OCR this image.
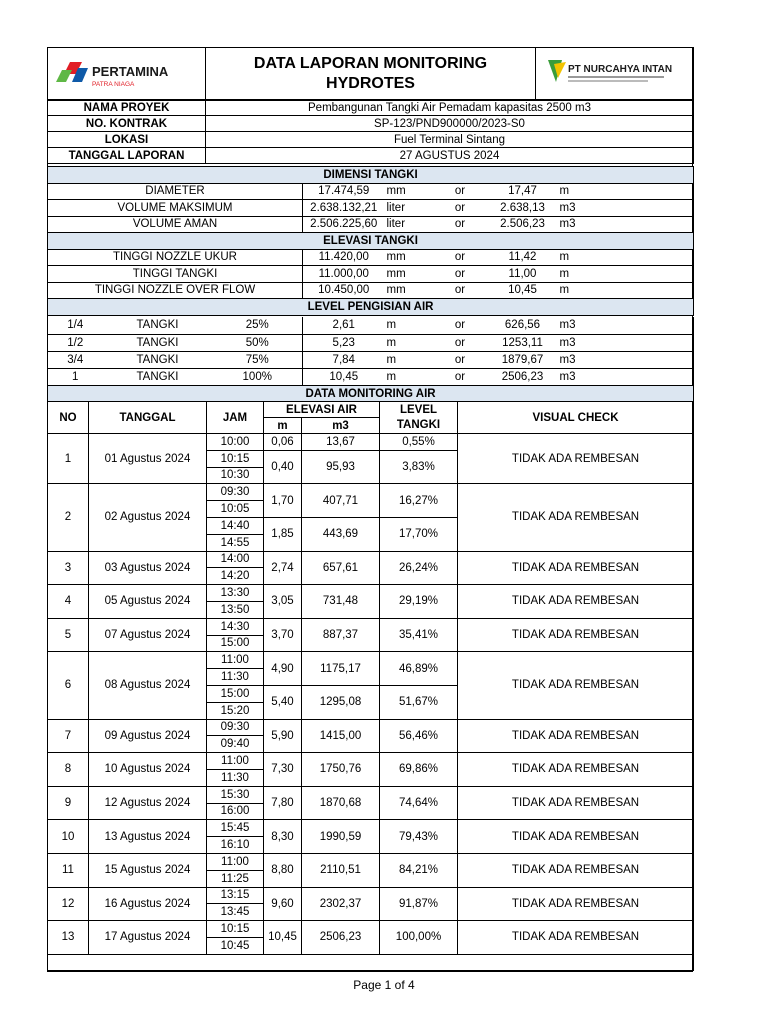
PERTAMINA
PATRA NIAGA

DATA LAPORAN MONITORING
HYDROTES

PT NURCAHYA INTAN
NAMA PROYEK	Pembangunan Tangki Air Pemadam kapasitas 2500 m3
NO. KONTRAK	SP-123/PND900000/2023-S0
LOKASI	Fuel Terminal Sintang
TANGGAL LAPORAN	27 AGUSTUS 2024
DIMENSI TANGKI					
DIAMETER	17.474,59	mm	or	17,47	m
VOLUME MAKSIMUM	2.638.132,21	liter	or	2.638,13	m3
VOLUME AMAN	2.506.225,60	liter	or	2.506,23	m3
ELEVASI TANGKI					
TINGGI NOZZLE UKUR	11.420,00	mm	or	11,42	m
TINGGI TANGKI	11.000,00	mm	or	11,00	m
TINGGI NOZZLE OVER FLOW	10.450,00	mm	or	10,45	m
LEVEL PENGISIAN AIR					
1/4	TANGKI	25%	2,61	m	or	626,56	m3
1/2	TANGKI	50%	5,23	m	or	1253,11	m3
3/4	TANGKI	75%	7,84	m	or	1879,67	m3
1	TANGKI	100%	10,45	m	or	2506,23	m3
DATA MONITORING AIR						
NO	TANGGAL	JAM	ELEVASI AIR		LEVEL
TANGKI	VISUAL CHECK
			m	m3		
1	01 Agustus 2024	10:00	0,06	13,67	0,55%	TIDAK ADA REMBESAN
		10:15	0,40	95,93	3,83%	
		10:30				
2	02 Agustus 2024	09:30	1,70	407,71	16,27%	TIDAK ADA REMBESAN
		10:05				
		14:40	1,85	443,69	17,70%	
		14:55				
3	03 Agustus 2024	14:00	2,74	657,61	26,24%	TIDAK ADA REMBESAN
		14:20				
4	05 Agustus 2024	13:30	3,05	731,48	29,19%	TIDAK ADA REMBESAN
		13:50				
5	07 Agustus 2024	14:30	3,70	887,37	35,41%	TIDAK ADA REMBESAN
		15:00				
6	08 Agustus 2024	11:00	4,90	1175,17	46,89%	TIDAK ADA REMBESAN
		11:30				
		15:00	5,40	1295,08	51,67%	
		15:20				
7	09 Agustus 2024	09:30	5,90	1415,00	56,46%	TIDAK ADA REMBESAN
		09:40				
8	10 Agustus 2024	11:00	7,30	1750,76	69,86%	TIDAK ADA REMBESAN
		11:30				
9	12 Agustus 2024	15:30	7,80	1870,68	74,64%	TIDAK ADA REMBESAN
		16:00				
10	13 Agustus 2024	15:45	8,30	1990,59	79,43%	TIDAK ADA REMBESAN
		16:10				
11	15 Agustus 2024	11:00	8,80	2110,51	84,21%	TIDAK ADA REMBESAN
		11:25				
12	16 Agustus 2024	13:15	9,60	2302,37	91,87%	TIDAK ADA REMBESAN
		13:45				
13	17 Agustus 2024	10:15	10,45	2506,23	100,00%	TIDAK ADA REMBESAN
		10:45				

Page 1 of 4
